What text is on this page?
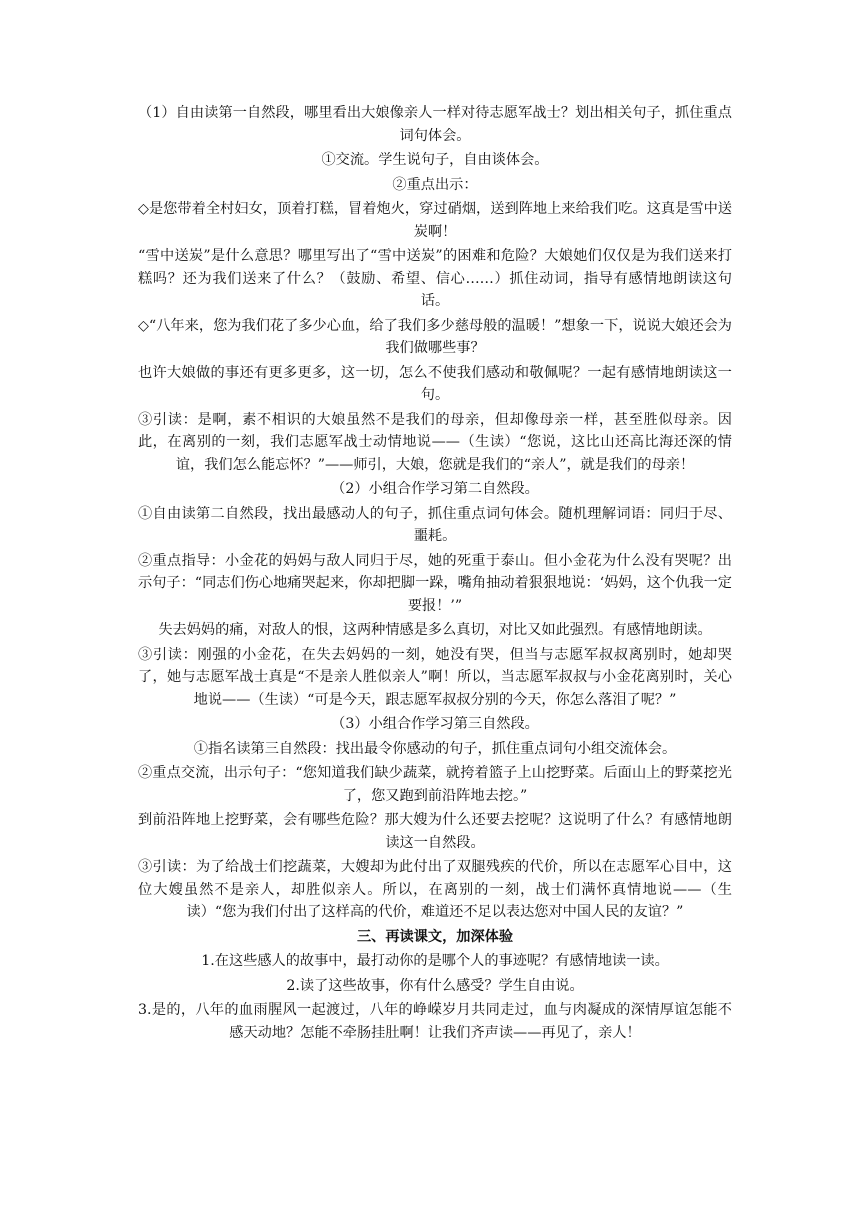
（1）自由读第一自然段，哪里看出大娘像亲人一样对待志愿军战士？划出相关句子，抓住重点词句体会。

①交流。学生说句子，自由谈体会。

②重点出示：

◇是您带着全村妇女，顶着打糕，冒着炮火，穿过硝烟，送到阵地上来给我们吃。这真是雪中送炭啊！

“雪中送炭”是什么意思？哪里写出了“雪中送炭”的困难和危险？大娘她们仅仅是为我们送来打糕吗？还为我们送来了什么？（鼓励、希望、信心……）抓住动词，指导有感情地朗读这句话。

◇“八年来，您为我们花了多少心血，给了我们多少慈母般的温暖！”想象一下，说说大娘还会为我们做哪些事？

也许大娘做的事还有更多更多，这一切，怎么不使我们感动和敬佩呢？一起有感情地朗读这一句。

③引读：是啊，素不相识的大娘虽然不是我们的母亲，但却像母亲一样，甚至胜似母亲。因此，在离别的一刻，我们志愿军战士动情地说——（生读）“您说，这比山还高比海还深的情谊，我们怎么能忘怀？”——师引，大娘，您就是我们的“亲人”，就是我们的母亲！

（2）小组合作学习第二自然段。

①自由读第二自然段，找出最感动人的句子，抓住重点词句体会。随机理解词语：同归于尽、噩耗。

②重点指导：小金花的妈妈与敌人同归于尽，她的死重于泰山。但小金花为什么没有哭呢？出示句子：“同志们伤心地痛哭起来，你却把脚一跺，嘴角抽动着狠狠地说：‘妈妈，这个仇我一定要报！’”

失去妈妈的痛，对敌人的恨，这两种情感是多么真切，对比又如此强烈。有感情地朗读。

③引读：刚强的小金花，在失去妈妈的一刻，她没有哭，但当与志愿军叔叔离别时，她却哭了，她与志愿军战士真是“不是亲人胜似亲人”啊！所以，当志愿军叔叔与小金花离别时，关心地说——（生读）“可是今天，跟志愿军叔叔分别的今天，你怎么落泪了呢？”

（3）小组合作学习第三自然段。

①指名读第三自然段：找出最令你感动的句子，抓住重点词句小组交流体会。

②重点交流，出示句子：“您知道我们缺少蔬菜，就挎着篮子上山挖野菜。后面山上的野菜挖光了，您又跑到前沿阵地去挖。”

到前沿阵地上挖野菜，会有哪些危险？那大嫂为什么还要去挖呢？这说明了什么？有感情地朗读这一自然段。

③引读：为了给战士们挖蔬菜，大嫂却为此付出了双腿残疾的代价，所以在志愿军心目中，这位大嫂虽然不是亲人，却胜似亲人。所以，在离别的一刻，战士们满怀真情地说——（生读）“您为我们付出了这样高的代价，难道还不足以表达您对中国人民的友谊？”

三、再读课文，加深体验

1.在这些感人的故事中，最打动你的是哪个人的事迹呢？有感情地读一读。

2.读了这些故事，你有什么感受？学生自由说。

3.是的，八年的血雨腥风一起渡过，八年的峥嵘岁月共同走过，血与肉凝成的深情厚谊怎能不感天动地？怎能不牵肠挂肚啊！让我们齐声读——再见了，亲人！
